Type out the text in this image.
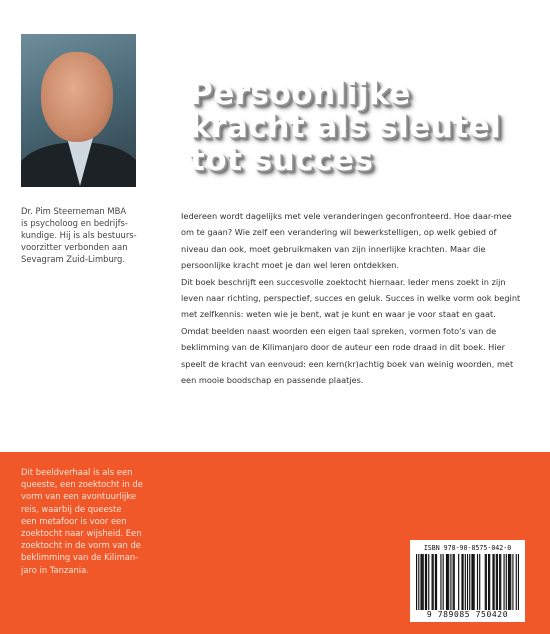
Dr. Pim Steerneman MBA
is psycholoog en bedrijfs-
kundige. Hij is als bestuurs-
voorzitter verbonden aan
Sevagram Zuid-Limburg.
Persoonlijke
kracht als sleutel
tot succes

Iedereen wordt dagelijks met vele veranderingen geconfronteerd. Hoe daar-mee om te gaan? Wie zelf een verandering wil bewerkstelligen, op welk gebied of niveau dan ook, moet gebruikmaken van zijn innerlijke krachten. Maar die persoonlijke kracht moet je dan wel leren ontdekken.

Dit boek beschrijft een succesvolle zoektocht hiernaar. Ieder mens zoekt in zijn leven naar richting, perspectief, succes en geluk. Succes in welke vorm ook begint met zelfkennis: weten wie je bent, wat je kunt en waar je voor staat en gaat. Omdat beelden naast woorden een eigen taal spreken, vormen foto's van de beklimming van de Kilimanjaro door de auteur een rode draad in dit boek. Hier speelt de kracht van eenvoud: een kern(kr)achtig boek van weinig woorden, met een mooie boodschap en passende plaatjes.

Dit beeldverhaal is als een
queeste, een zoektocht in de
vorm van een avontuurlijke
reis, waarbij de queeste
een metafoor is voor een
zoektocht naar wijsheid. Een
zoektocht in de vorm van de
beklimming van de Kiliman-
jaro in Tanzania.
ISBN 978-90-8575-042-0
9 789085 750420
